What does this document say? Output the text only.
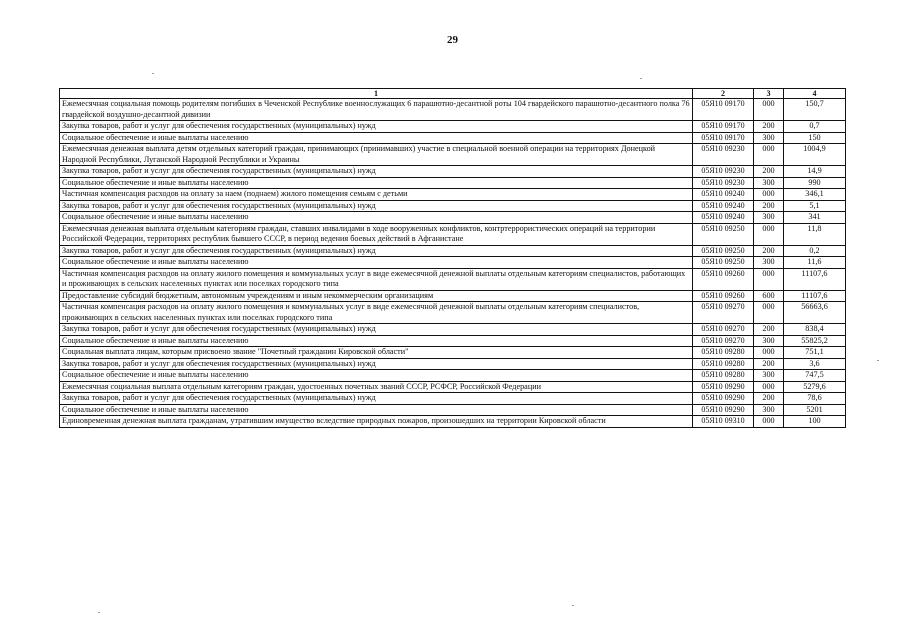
29
1	2	3	4
Ежемесячная социальная помощь родителям погибших в Чеченской Республике военнослужащих 6 парашютно-десантной роты 104 гвардейского парашютно-десантного полка 76 гвардейской воздушно-десантной дивизии	05Я10 09170	000	150,7
Закупка товаров, работ и услуг для обеспечения государственных (муниципальных) нужд	05Я10 09170	200	0,7
Социальное обеспечение и иные выплаты населению	05Я10 09170	300	150
Ежемесячная денежная выплата детям отдельных категорий граждан, принимающих (принимавших) участие в специальной военной операции на территориях Донецкой Народной Республики, Луганской Народной Республики и Украины	05Я10 09230	000	1004,9
Закупка товаров, работ и услуг для обеспечения государственных (муниципальных) нужд	05Я10 09230	200	14,9
Социальное обеспечение и иные выплаты населению	05Я10 09230	300	990
Частичная компенсация расходов на оплату за наем (поднаем) жилого помещения семьям с детьми	05Я10 09240	000	346,1
Закупка товаров, работ и услуг для обеспечения государственных (муниципальных) нужд	05Я10 09240	200	5,1
Социальное обеспечение и иные выплаты населению	05Я10 09240	300	341
Ежемесячная денежная выплата отдельным категориям граждан, ставших инвалидами в ходе вооруженных конфликтов, контртеррористических операций на территории Российской Федерации, территориях республик бывшего СССР, в период ведения боевых действий в Афганистане	05Я10 09250	000	11,8
Закупка товаров, работ и услуг для обеспечения государственных (муниципальных) нужд	05Я10 09250	200	0,2
Социальное обеспечение и иные выплаты населению	05Я10 09250	300	11,6
Частичная компенсация расходов на оплату жилого помещения и коммунальных услуг в виде ежемесячной денежной выплаты отдельным категориям специалистов, работающих и проживающих в сельских населенных пунктах или поселках городского типа	05Я10 09260	000	11107,6
Предоставление субсидий бюджетным, автономным учреждениям и иным некоммерческим организациям	05Я10 09260	600	11107,6
Частичная компенсация расходов на оплату жилого помещения и коммунальных услуг в виде ежемесячной денежной выплаты отдельным категориям специалистов, проживающих в сельских населенных пунктах или поселках городского типа	05Я10 09270	000	56663,6
Закупка товаров, работ и услуг для обеспечения государственных (муниципальных) нужд	05Я10 09270	200	838,4
Социальное обеспечение и иные выплаты населению	05Я10 09270	300	55825,2
Социальная выплата лицам, которым присвоено звание "Почетный гражданин Кировской области"	05Я10 09280	000	751,1
Закупка товаров, работ и услуг для обеспечения государственных (муниципальных) нужд	05Я10 09280	200	3,6
Социальное обеспечение и иные выплаты населению	05Я10 09280	300	747,5
Ежемесячная социальная выплата отдельным категориям граждан, удостоенных почетных званий СССР, РСФСР, Российской Федерации	05Я10 09290	000	5279,6
Закупка товаров, работ и услуг для обеспечения государственных (муниципальных) нужд	05Я10 09290	200	78,6
Социальное обеспечение и иные выплаты населению	05Я10 09290	300	5201
Единовременная денежная выплата гражданам, утратившим имущество вследствие природных пожаров, произошедших на территории Кировской области	05Я10 09310	000	100
